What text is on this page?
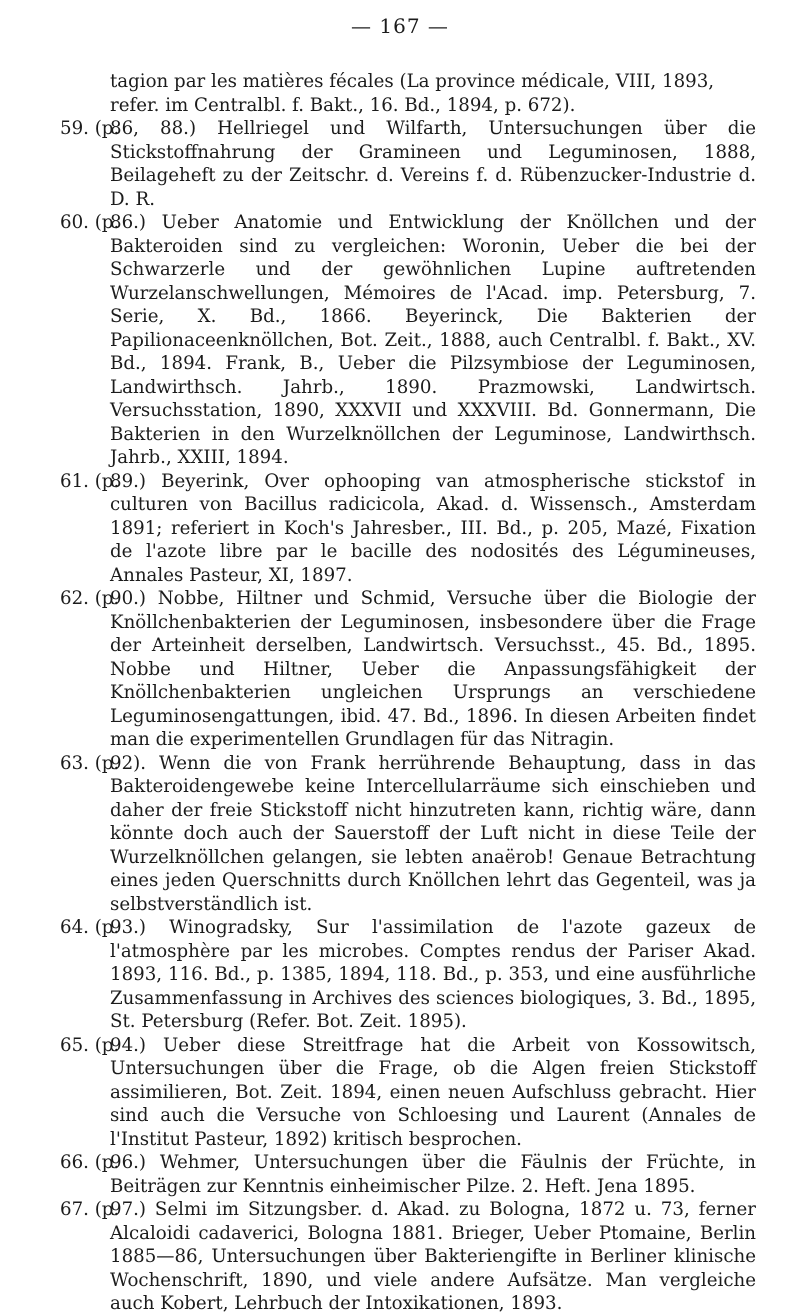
— 167 —

tagion par les matières fécales (La province médicale, VIII, 1893, refer. im Centralbl. f. Bakt., 16. Bd., 1894, p. 672).

59. (p.

86, 88.) Hellriegel und Wilfarth, Untersuchungen über die Stickstoffnahrung der Gramineen und Leguminosen, 1888, Beilageheft zu der Zeitschr. d. Vereins f. d. Rübenzucker-Industrie d. D. R.

60. (p.

86.) Ueber Anatomie und Entwicklung der Knöllchen und der Bakteroiden sind zu vergleichen: Woronin, Ueber die bei der Schwarzerle und der gewöhnlichen Lupine auftretenden Wurzelanschwellungen, Mémoires de l'Acad. imp. Petersburg, 7. Serie, X. Bd., 1866. Beyerinck, Die Bakterien der Papilionaceenknöllchen, Bot. Zeit., 1888, auch Centralbl. f. Bakt., XV. Bd., 1894. Frank, B., Ueber die Pilzsymbiose der Leguminosen, Landwirthsch. Jahrb., 1890. Prazmowski, Landwirtsch. Versuchsstation, 1890, XXXVII und XXXVIII. Bd. Gonnermann, Die Bakterien in den Wurzelknöllchen der Leguminose, Landwirthsch. Jahrb., XXIII, 1894.

61. (p.

89.) Beyerink, Over ophooping van atmospherische stickstof in culturen von Bacillus radicicola, Akad. d. Wissensch., Amsterdam 1891; referiert in Koch's Jahresber., III. Bd., p. 205, Mazé, Fixation de l'azote libre par le bacille des nodosités des Légumineuses, Annales Pasteur, XI, 1897.

62. (p.

90.) Nobbe, Hiltner und Schmid, Versuche über die Biologie der Knöllchenbakterien der Leguminosen, insbesondere über die Frage der Arteinheit derselben, Landwirtsch. Versuchsst., 45. Bd., 1895. Nobbe und Hiltner, Ueber die Anpassungsfähigkeit der Knöllchenbakterien ungleichen Ursprungs an verschiedene Leguminosengattungen, ibid. 47. Bd., 1896. In diesen Arbeiten findet man die experimentellen Grundlagen für das Nitragin.

63. (p.

92). Wenn die von Frank herrührende Behauptung, dass in das Bakteroidengewebe keine Intercellularräume sich einschieben und daher der freie Stickstoff nicht hinzutreten kann, richtig wäre, dann könnte doch auch der Sauerstoff der Luft nicht in diese Teile der Wurzelknöllchen gelangen, sie lebten anaërob! Genaue Betrachtung eines jeden Querschnitts durch Knöllchen lehrt das Gegenteil, was ja selbstverständlich ist.

64. (p.

93.) Winogradsky, Sur l'assimilation de l'azote gazeux de l'atmosphère par les microbes. Comptes rendus der Pariser Akad. 1893, 116. Bd., p. 1385, 1894, 118. Bd., p. 353, und eine ausführliche Zusammenfassung in Archives des sciences biologiques, 3. Bd., 1895, St. Petersburg (Refer. Bot. Zeit. 1895).

65. (p.

94.) Ueber diese Streitfrage hat die Arbeit von Kossowitsch, Untersuchungen über die Frage, ob die Algen freien Stickstoff assimilieren, Bot. Zeit. 1894, einen neuen Aufschluss gebracht. Hier sind auch die Versuche von Schloesing und Laurent (Annales de l'Institut Pasteur, 1892) kritisch besprochen.

66. (p.

96.) Wehmer, Untersuchungen über die Fäulnis der Früchte, in Beiträgen zur Kenntnis einheimischer Pilze. 2. Heft. Jena 1895.

67. (p.

97.) Selmi im Sitzungsber. d. Akad. zu Bologna, 1872 u. 73, ferner Alcaloidi cadaverici, Bologna 1881. Brieger, Ueber Ptomaine, Berlin 1885—86, Untersuchungen über Bakteriengifte in Berliner klinische Wochenschrift, 1890, und viele andere Aufsätze. Man vergleiche auch Kobert, Lehrbuch der Intoxikationen, 1893.
